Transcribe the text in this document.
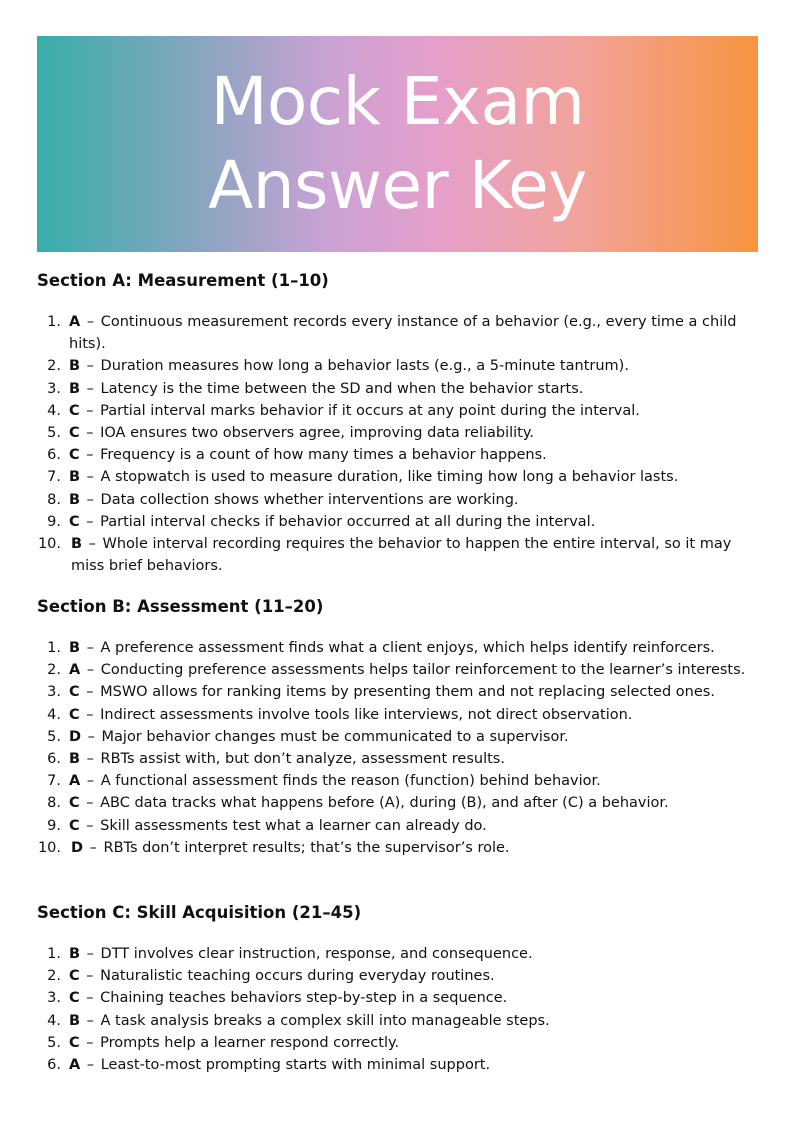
Mock Exam
Answer Key
Section A: Measurement (1–10)
1. A – Continuous measurement records every instance of a behavior (e.g., every time a child hits).
2. B – Duration measures how long a behavior lasts (e.g., a 5-minute tantrum).
3. B – Latency is the time between the SD and when the behavior starts.
4. C – Partial interval marks behavior if it occurs at any point during the interval.
5. C – IOA ensures two observers agree, improving data reliability.
6. C – Frequency is a count of how many times a behavior happens.
7. B – A stopwatch is used to measure duration, like timing how long a behavior lasts.
8. B – Data collection shows whether interventions are working.
9. C – Partial interval checks if behavior occurred at all during the interval.
10. B – Whole interval recording requires the behavior to happen the entire interval, so it may miss brief behaviors.
Section B: Assessment (11–20)
1. B – A preference assessment finds what a client enjoys, which helps identify reinforcers.
2. A – Conducting preference assessments helps tailor reinforcement to the learner’s interests.
3. C – MSWO allows for ranking items by presenting them and not replacing selected ones.
4. C – Indirect assessments involve tools like interviews, not direct observation.
5. D – Major behavior changes must be communicated to a supervisor.
6. B – RBTs assist with, but don’t analyze, assessment results.
7. A – A functional assessment finds the reason (function) behind behavior.
8. C – ABC data tracks what happens before (A), during (B), and after (C) a behavior.
9. C – Skill assessments test what a learner can already do.
10. D – RBTs don’t interpret results; that’s the supervisor’s role.
Section C: Skill Acquisition (21–45)
1. B – DTT involves clear instruction, response, and consequence.
2. C – Naturalistic teaching occurs during everyday routines.
3. C – Chaining teaches behaviors step-by-step in a sequence.
4. B – A task analysis breaks a complex skill into manageable steps.
5. C – Prompts help a learner respond correctly.
6. A – Least-to-most prompting starts with minimal support.
